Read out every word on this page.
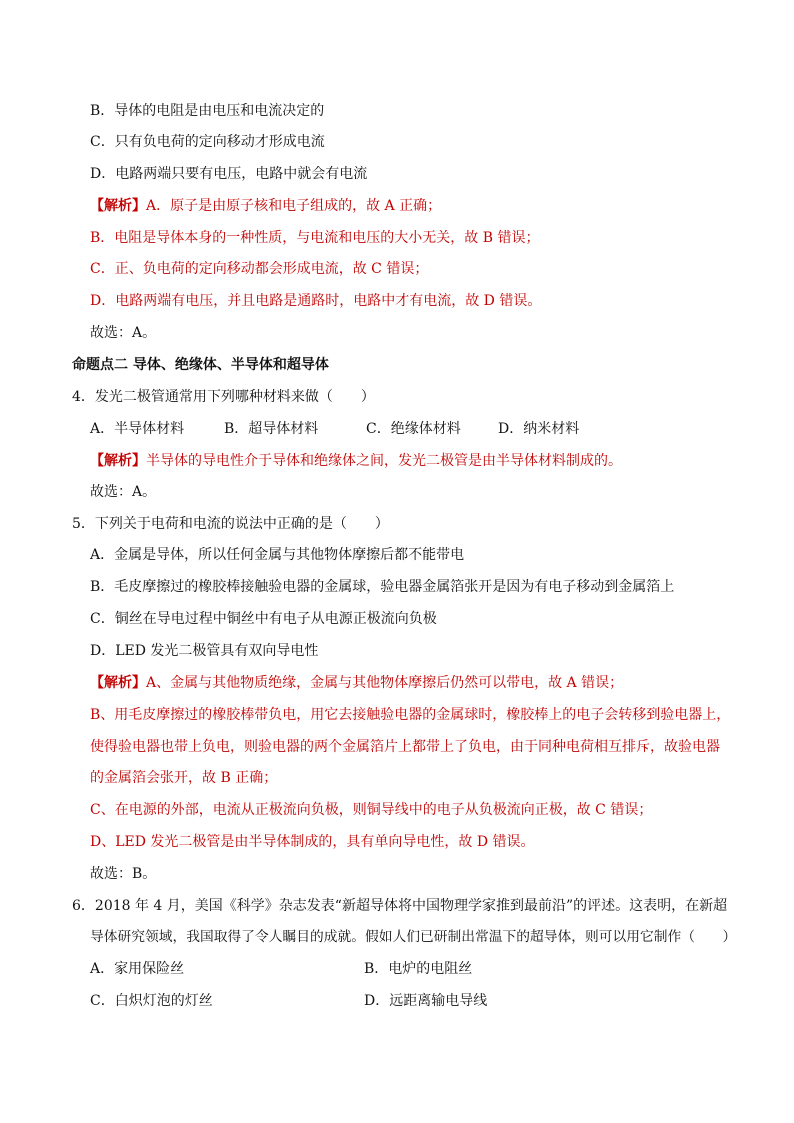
B．导体的电阻是由电压和电流决定的
C．只有负电荷的定向移动才形成电流
D．电路两端只要有电压，电路中就会有电流
【解析】A．原子是由原子核和电子组成的，故 A 正确；
B．电阻是导体本身的一种性质，与电流和电压的大小无关，故 B 错误；
C．正、负电荷的定向移动都会形成电流，故 C 错误；
D．电路两端有电压，并且电路是通路时，电路中才有电流，故 D 错误。
故选：A。
命题点二 导体、绝缘体、半导体和超导体
4．发光二极管通常用下列哪种材料来做（　　）
A．半导体材料	B．超导体材料	C．绝缘体材料	D．纳米材料
【解析】半导体的导电性介于导体和绝缘体之间，发光二极管是由半导体材料制成的。
故选：A。
5．下列关于电荷和电流的说法中正确的是（　　）
A．金属是导体，所以任何金属与其他物体摩擦后都不能带电
B．毛皮摩擦过的橡胶棒接触验电器的金属球，验电器金属箔张开是因为有电子移动到金属箔上
C．铜丝在导电过程中铜丝中有电子从电源正极流向负极
D．LED 发光二极管具有双向导电性
【解析】A、金属与其他物质绝缘，金属与其他物体摩擦后仍然可以带电，故 A 错误；
B、用毛皮摩擦过的橡胶棒带负电，用它去接触验电器的金属球时，橡胶棒上的电子会转移到验电器上，
使得验电器也带上负电，则验电器的两个金属箔片上都带上了负电，由于同种电荷相互排斥，故验电器
的金属箔会张开，故 B 正确；
C、在电源的外部，电流从正极流向负极，则铜导线中的电子从负极流向正极，故 C 错误；
D、LED 发光二极管是由半导体制成的，具有单向导电性，故 D 错误。
故选：B。
6．2018 年 4 月，美国《科学》杂志发表“新超导体将中国物理学家推到最前沿”的评述。这表明，在新超
导体研究领域，我国取得了令人瞩目的成就。假如人们已研制出常温下的超导体，则可以用它制作（　　）
A．家用保险丝	B．电炉的电阻丝
C．白炽灯泡的灯丝	D．远距离输电导线
